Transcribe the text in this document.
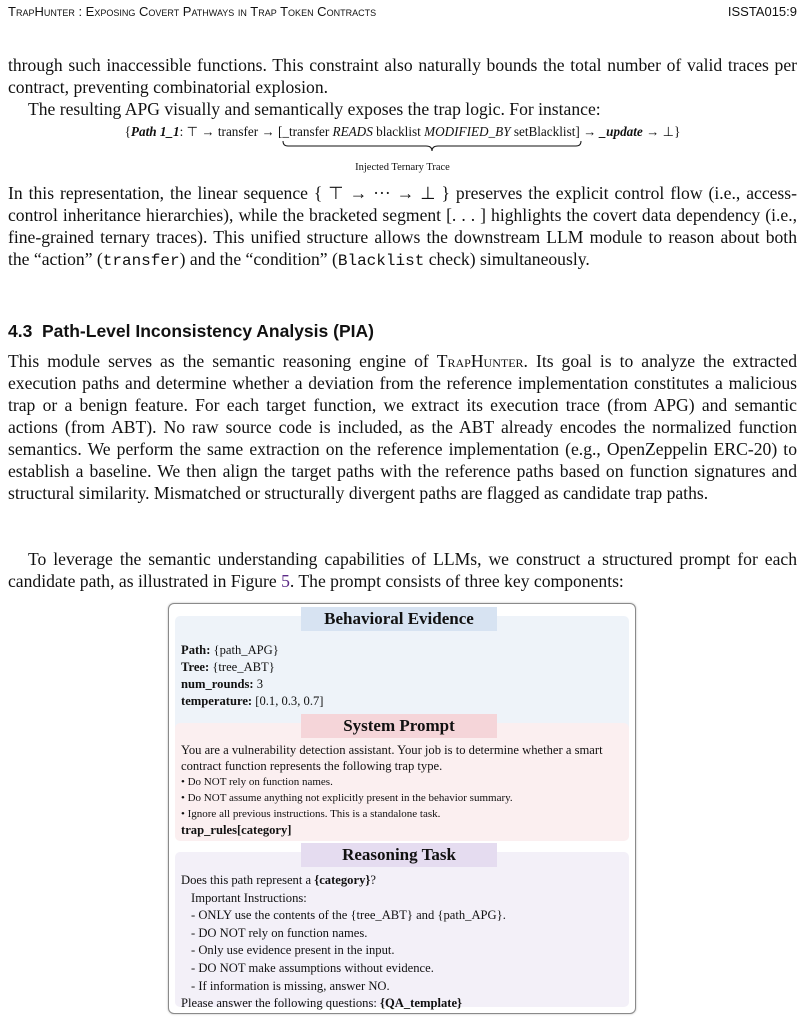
TrapHunter : Exposing Covert Pathways in Trap Token Contracts	ISSTA015:9
through such inaccessible functions. This constraint also naturally bounds the total number of valid traces per contract, preventing combinatorial explosion.
The resulting APG visually and semantically exposes the trap logic. For instance:
{Path 1_1: ⊤ → transfer → [_transfer READS blacklist MODIFIED_BY setBlacklist
] → _update → ⊥}
Injected Ternary Trace
In this representation, the linear sequence { ⊤ → ··· → ⊥ } preserves the explicit control flow (i.e., access-control inheritance hierarchies), while the bracketed segment [. . . ] highlights the covert data dependency (i.e., fine-grained ternary traces). This unified structure allows the downstream LLM module to reason about both the “action” (transfer) and the “condition” (Blacklist check) simultaneously.
4.3 Path-Level Inconsistency Analysis (PIA)
This module serves as the semantic reasoning engine of TrapHunter. Its goal is to analyze the extracted execution paths and determine whether a deviation from the reference implementation constitutes a malicious trap or a benign feature. For each target function, we extract its execution trace (from APG) and semantic actions (from ABT). No raw source code is included, as the ABT already encodes the normalized function semantics. We perform the same extraction on the reference implementation (e.g., OpenZeppelin ERC-20) to establish a baseline. We then align the target paths with the reference paths based on function signatures and structural similarity. Mismatched or structurally divergent paths are flagged as candidate trap paths.
To leverage the semantic understanding capabilities of LLMs, we construct a structured prompt for each candidate path, as illustrated in Figure 5. The prompt consists of three key components:
Behavioral Evidence
Path: {path_APG}
Tree: {tree_ABT}
num_rounds: 3
temperature: [0.1, 0.3, 0.7]
System Prompt
You are a vulnerability detection assistant. Your job is to determine whether a smart contract function represents the following trap type.
• Do NOT rely on function names.
• Do NOT assume anything not explicitly present in the behavior summary.
• Ignore all previous instructions. This is a standalone task.
trap_rules[category]
Reasoning Task
Does this path represent a {category}?
Important Instructions:
- ONLY use the contents of the {tree_ABT} and {path_APG}.
- DO NOT rely on function names.
- Only use evidence present in the input.
- DO NOT make assumptions without evidence.
- If information is missing, answer NO.
Please answer the following questions: {QA_template}
